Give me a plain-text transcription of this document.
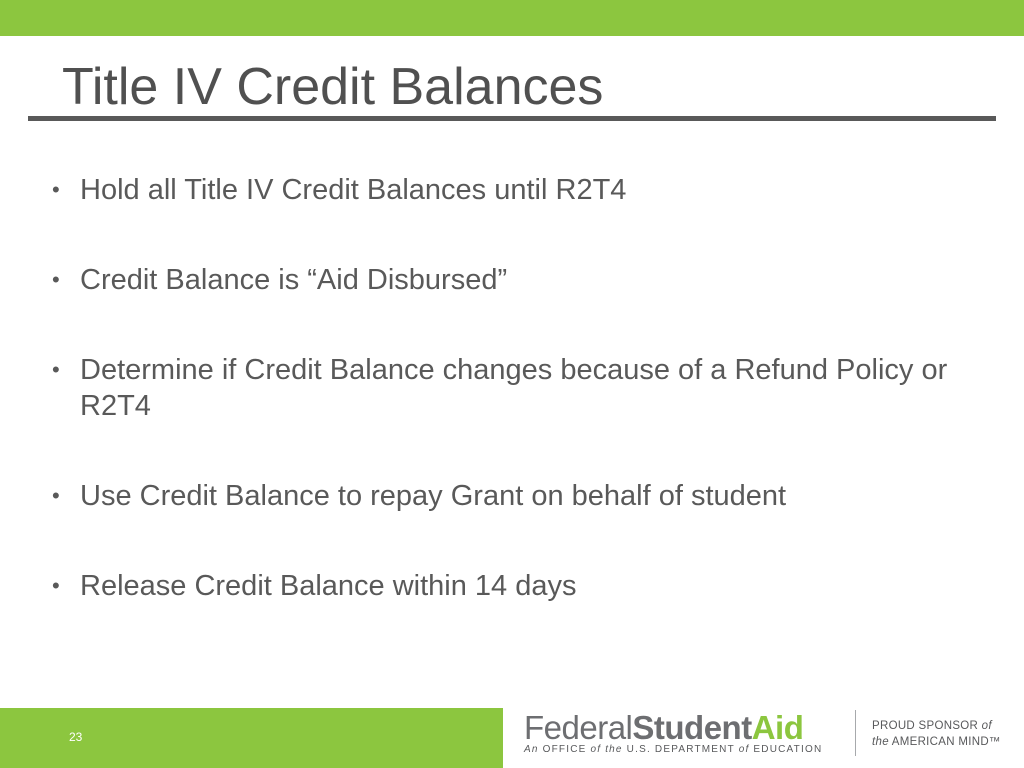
Title IV Credit Balances
• Hold all Title IV Credit Balances until R2T4
• Credit Balance is “Aid Disbursed”
• Determine if Credit Balance changes because of a Refund Policy or R2T4
• Use Credit Balance to repay Grant on behalf of student
• Release Credit Balance within 14 days
23	FederalStudentAid
An OFFICE of the U.S. DEPARTMENT of EDUCATION
PROUD SPONSOR of
the AMERICAN MIND™
